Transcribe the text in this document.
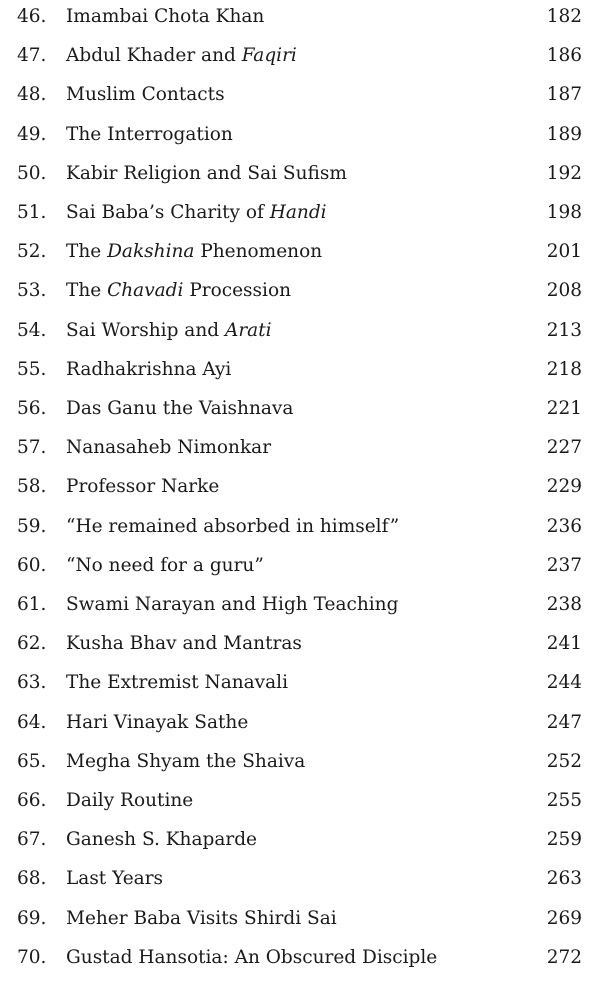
46. Imambai Chota Khan	182
47. Abdul Khader and Faqiri	186
48. Muslim Contacts	187
49. The Interrogation	189
50. Kabir Religion and Sai Sufism	192
51. Sai Baba’s Charity of Handi	198
52. The Dakshina Phenomenon	201
53. The Chavadi Procession	208
54. Sai Worship and Arati	213
55. Radhakrishna Ayi	218
56. Das Ganu the Vaishnava	221
57. Nanasaheb Nimonkar	227
58. Professor Narke	229
59. “He remained absorbed in himself”	236
60. “No need for a guru”	237
61. Swami Narayan and High Teaching	238
62. Kusha Bhav and Mantras	241
63. The Extremist Nanavali	244
64. Hari Vinayak Sathe	247
65. Megha Shyam the Shaiva	252
66. Daily Routine	255
67. Ganesh S. Khaparde	259
68. Last Years	263
69. Meher Baba Visits Shirdi Sai	269
70. Gustad Hansotia: An Obscured Disciple	272
